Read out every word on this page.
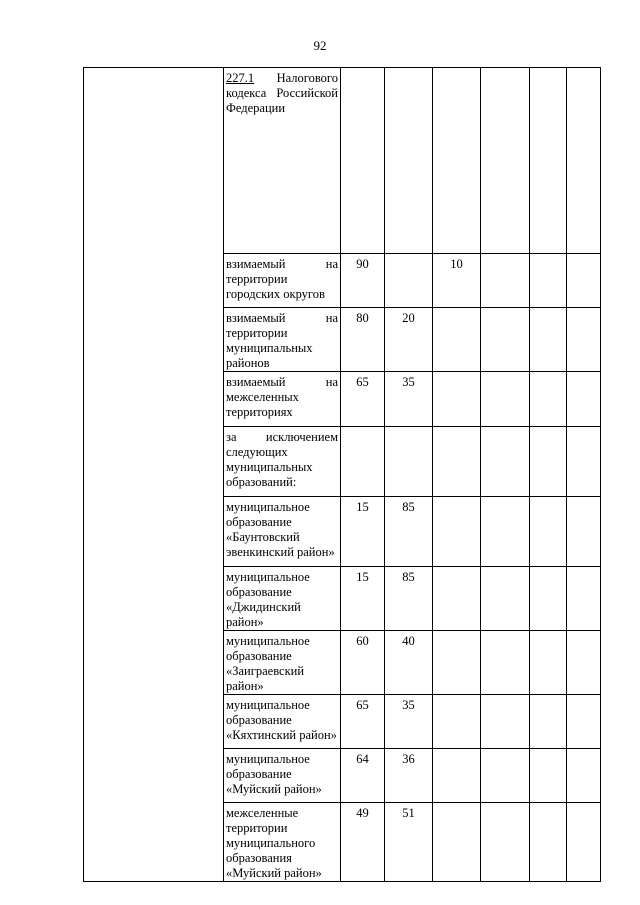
92
	227.1 Налогового кодекса Российской Федерации						
	взимаемый на территории городских округов	90		10			
	взимаемый на территории муниципальных районов	80	20				
	взимаемый на межселенных территориях	65	35				
	за исключением следующих муниципальных образований:						
	муниципальное образование «Баунтовский эвенкинский район»	15	85				
	муниципальное образование «Джидинский район»	15	85				
	муниципальное образование «Заиграевский район»	60	40				
	муниципальное образование «Кяхтинский район»	65	35				
	муниципальное образование «Муйский район»	64	36				
	межселенные территории муниципального образования «Муйский район»	49	51				
